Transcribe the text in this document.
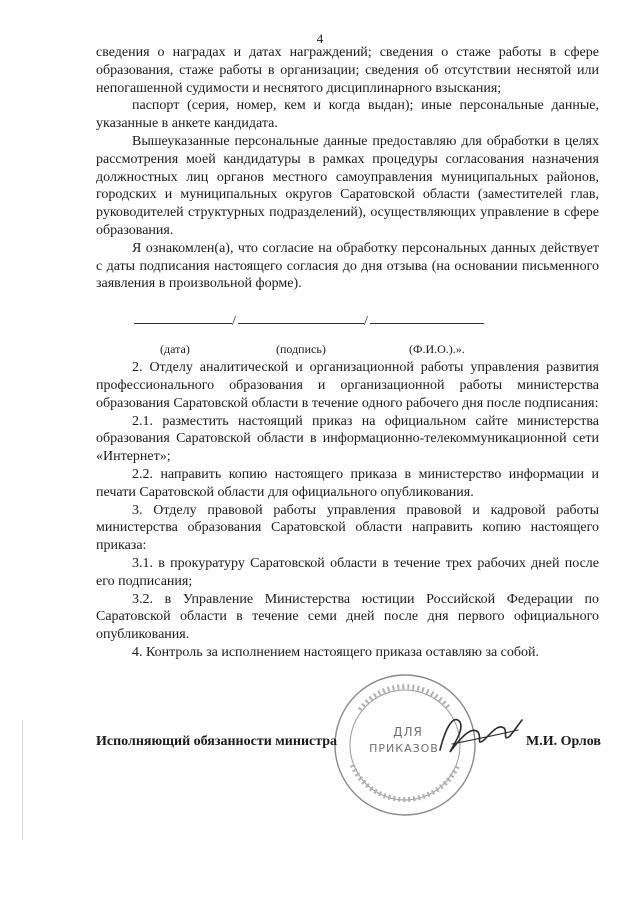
4

сведения о наградах и датах награждений; сведения о стаже работы в сфере образования, стаже работы в организации; сведения об отсутствии неснятой или непогашенной судимости и неснятого дисциплинарного взыскания;

паспорт (серия, номер, кем и когда выдан); иные персональные данные, указанные в анкете кандидата.

Вышеуказанные персональные данные предоставляю для обработки в целях рассмотрения моей кандидатуры в рамках процедуры согласования назначения должностных лиц органов местного самоуправления муниципальных районов, городских и муниципальных округов Саратовской области (заместителей глав, руководителей структурных подразделений), осуществляющих управление в сфере образования.

Я ознакомлен(а), что согласие на обработку персональных данных действует с даты подписания настоящего согласия до дня отзыва (на основании письменного заявления в произвольной форме).

/	/
(дата)	(подпись)	(Ф.И.О.).».

2. Отделу аналитической и организационной работы управления развития профессионального образования и организационной работы министерства образования Саратовской области в течение одного рабочего дня после подписания:

2.1. разместить настоящий приказ на официальном сайте министерства образования Саратовской области в информационно-телекоммуникационной сети «Интернет»;

2.2. направить копию настоящего приказа в министерство информации и печати Саратовской области для официального опубликования.

3. Отделу правовой работы управления правовой и кадровой работы министерства образования Саратовской области направить копию настоящего приказа:

3.1. в прокуратуру Саратовской области в течение трех рабочих дней после его подписания;

3.2. в Управление Министерства юстиции Российской Федерации по Саратовской области в течение семи дней после дня первого официального опубликования.

4. Контроль за исполнением настоящего приказа оставляю за собой.

ДЛЯ
ПРИКАЗОВ
Исполняющий обязанности министра	М.И. Орлов
